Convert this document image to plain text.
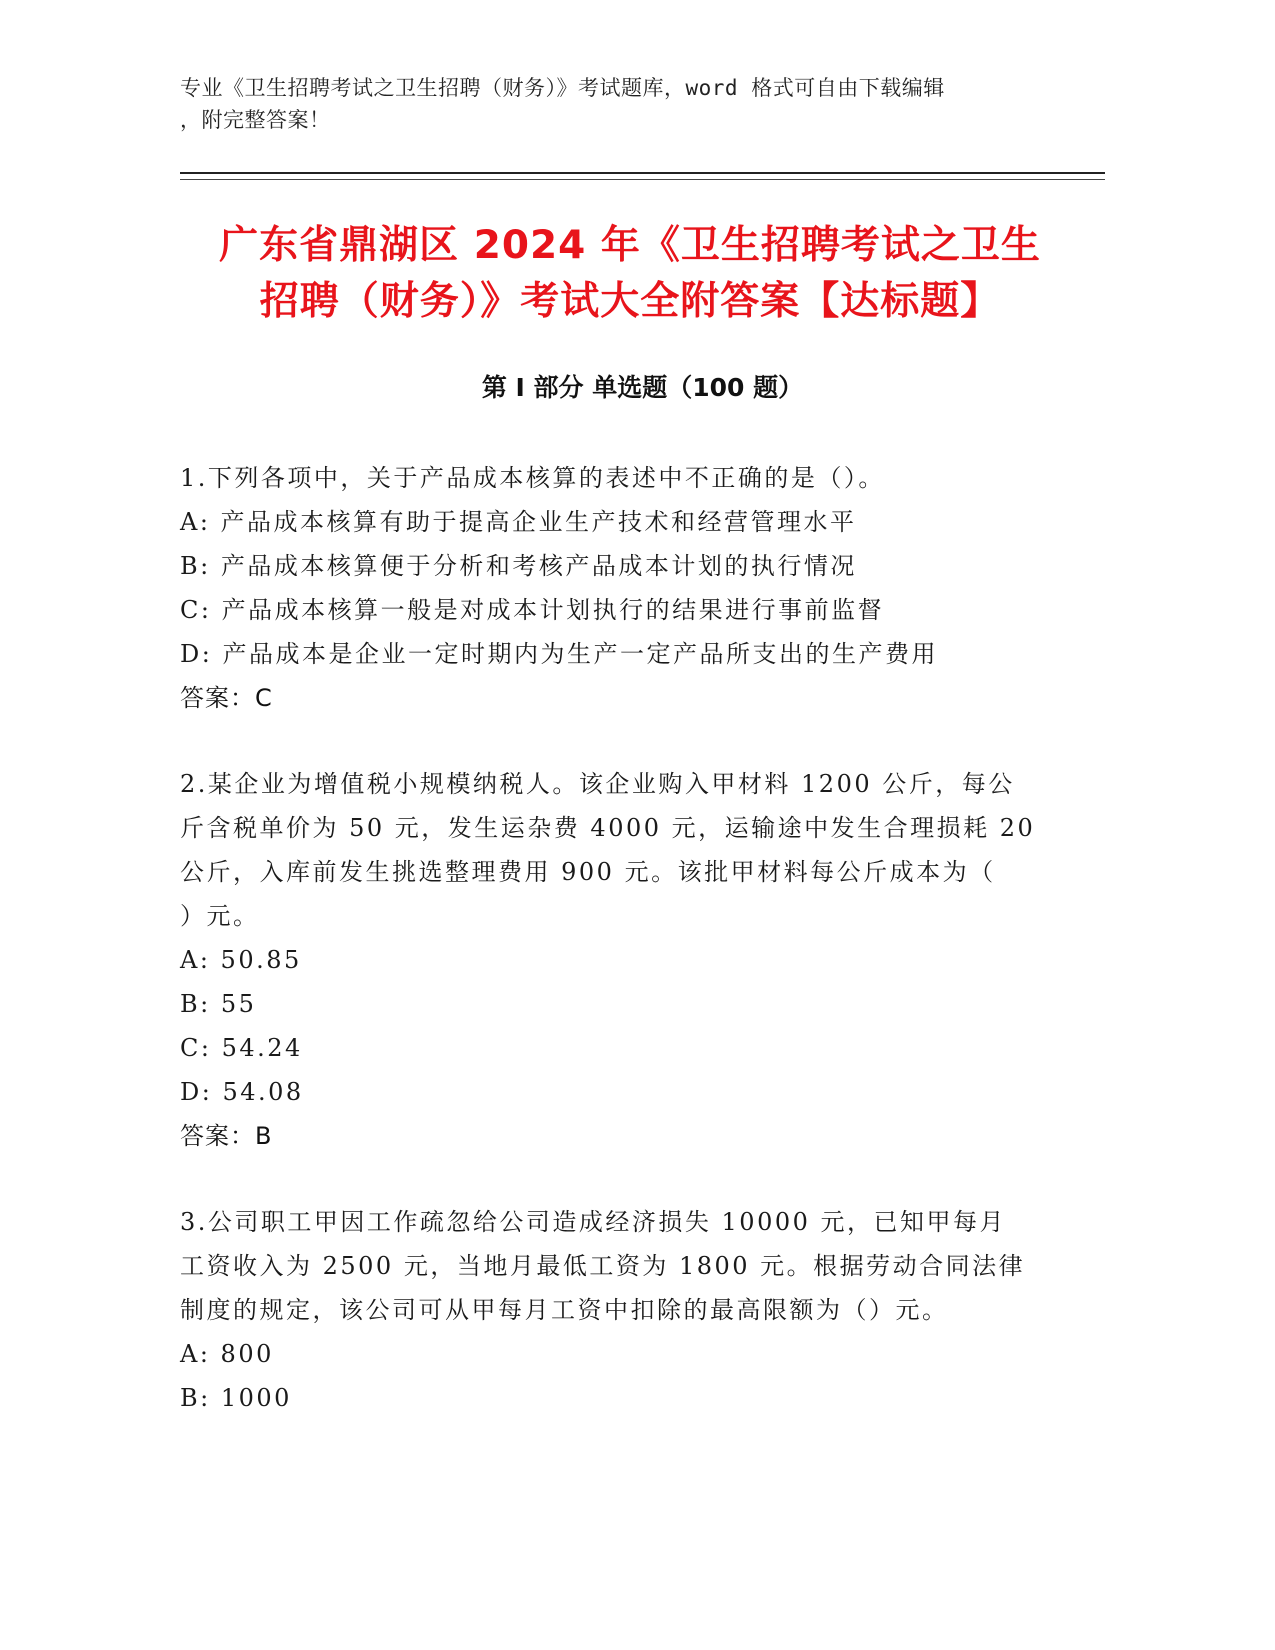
专业《卫生招聘考试之卫生招聘（财务）》考试题库，word 格式可自由下载编辑
，附完整答案！
广东省鼎湖区 2024 年《卫生招聘考试之卫生
招聘（财务）》考试大全附答案【达标题】
第 I 部分 单选题（100 题）

1.下列各项中，关于产品成本核算的表述中不正确的是（）。

A: 产品成本核算有助于提高企业生产技术和经营管理水平

B: 产品成本核算便于分析和考核产品成本计划的执行情况

C: 产品成本核算一般是对成本计划执行的结果进行事前监督

D: 产品成本是企业一定时期内为生产一定产品所支出的生产费用

答案：C

2.某企业为增值税小规模纳税人。该企业购入甲材料 1200 公斤，每公

斤含税单价为 50 元，发生运杂费 4000 元，运输途中发生合理损耗 20

公斤，入库前发生挑选整理费用 900 元。该批甲材料每公斤成本为（

）元。

A: 50.85

B: 55

C: 54.24

D: 54.08

答案：B

3.公司职工甲因工作疏忽给公司造成经济损失 10000 元，已知甲每月

工资收入为 2500 元，当地月最低工资为 1800 元。根据劳动合同法律

制度的规定，该公司可从甲每月工资中扣除的最高限额为（）元。

A: 800

B: 1000
